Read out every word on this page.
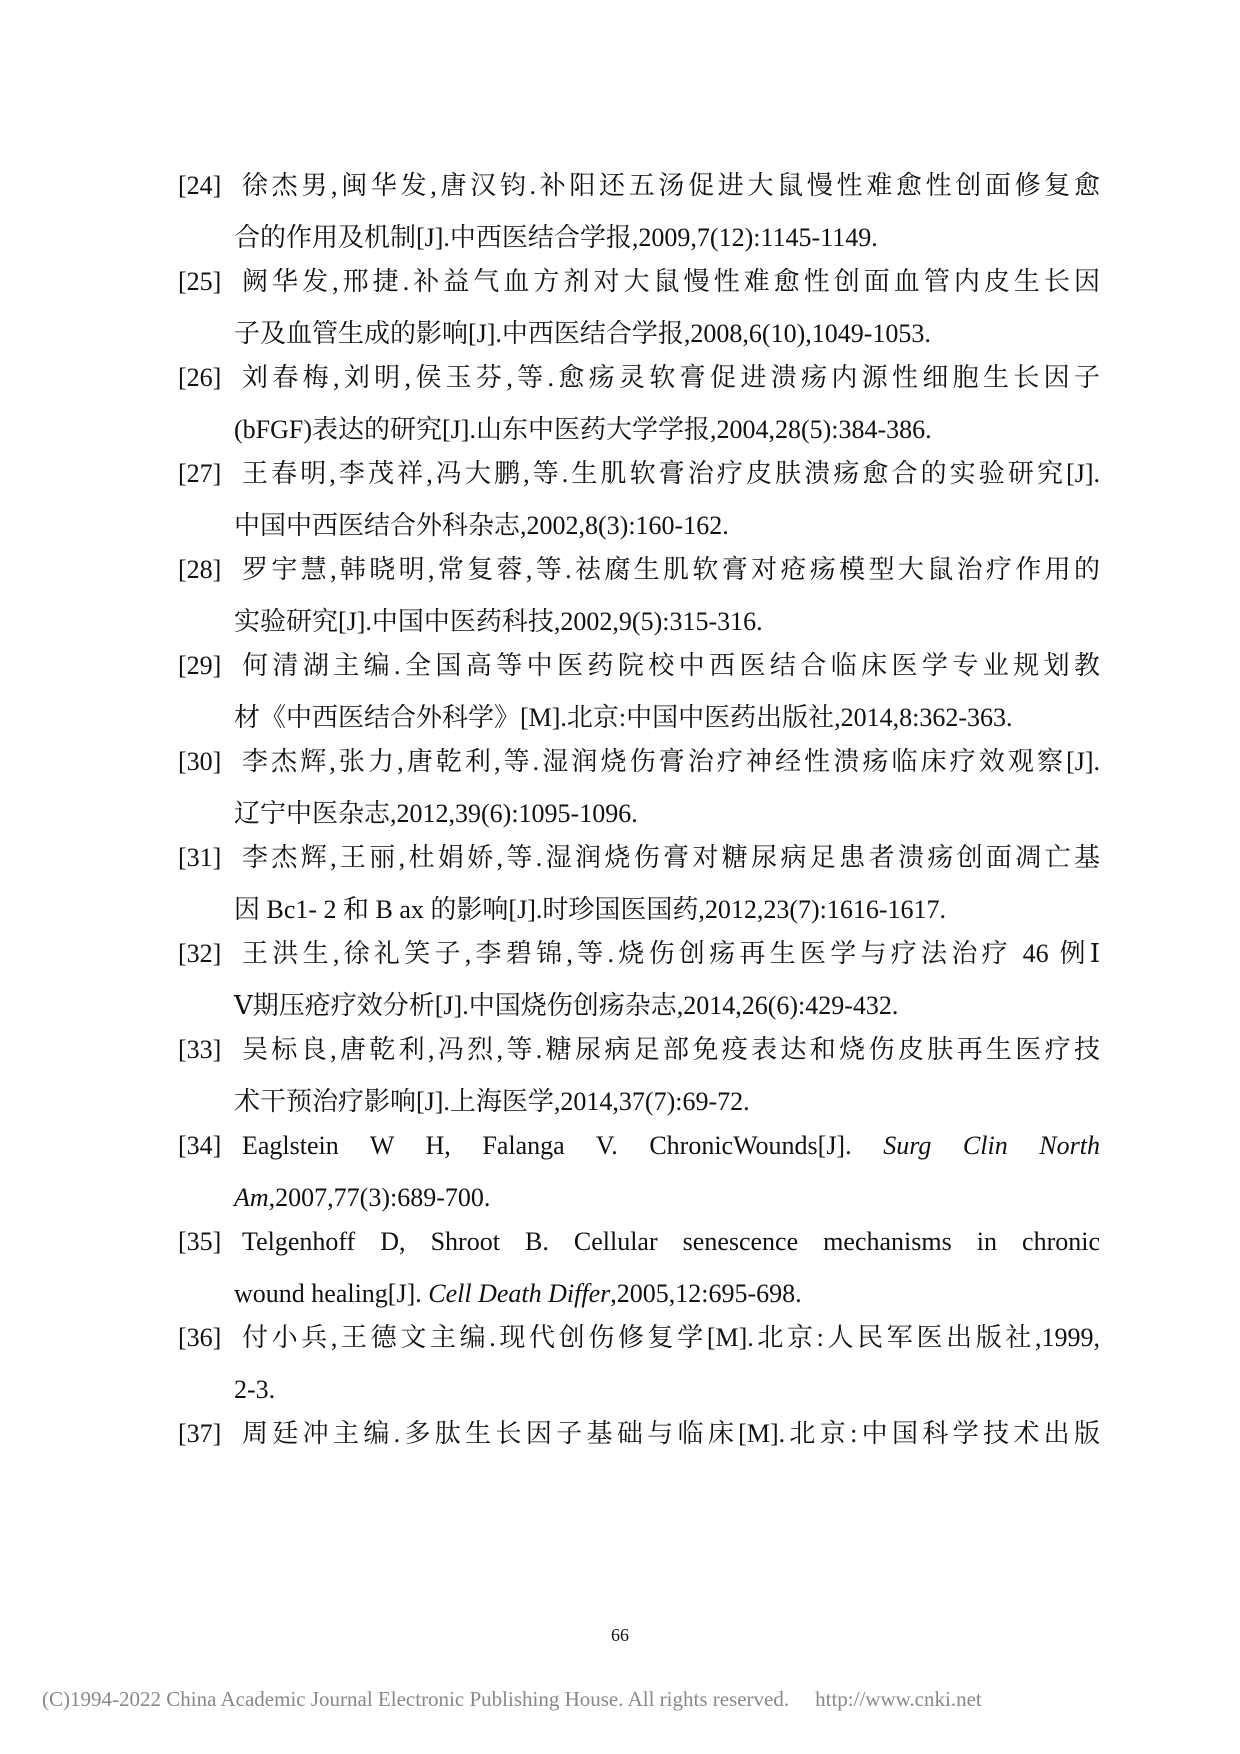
[24] 徐杰男,闽华发,唐汉钧.补阳还五汤促进大鼠慢性难愈性创面修复愈
合的作用及机制[J].中西医结合学报,2009,7(12):1145-1149.
[25] 阙华发,邢捷.补益气血方剂对大鼠慢性难愈性创面血管内皮生长因
子及血管生成的影响[J].中西医结合学报,2008,6(10),1049-1053.
[26] 刘春梅,刘明,侯玉芬,等.愈疡灵软膏促进溃疡内源性细胞生长因子
(bFGF)表达的研究[J].山东中医药大学学报,2004,28(5):384-386.
[27] 王春明,李茂祥,冯大鹏,等.生肌软膏治疗皮肤溃疡愈合的实验研究[J].
中国中西医结合外科杂志,2002,8(3):160-162.
[28] 罗宇慧,韩晓明,常复蓉,等.祛腐生肌软膏对疮疡模型大鼠治疗作用的
实验研究[J].中国中医药科技,2002,9(5):315-316.
[29] 何清湖主编.全国高等中医药院校中西医结合临床医学专业规划教
材《中西医结合外科学》[M].北京:中国中医药出版社,2014,8:362-363.
[30] 李杰辉,张力,唐乾利,等.湿润烧伤膏治疗神经性溃疡临床疗效观察[J].
辽宁中医杂志,2012,39(6):1095-1096.
[31] 李杰辉,王丽,杜娟娇,等.湿润烧伤膏对糖尿病足患者溃疡创面凋亡基
因 Bc1- 2 和 B ax 的影响[J].时珍国医国药,2012,23(7):1616-1617.
[32] 王洪生,徐礼笑子,李碧锦,等.烧伤创疡再生医学与疗法治疗 46 例Ⅰ
Ⅴ期压疮疗效分析[J].中国烧伤创疡杂志,2014,26(6):429-432.
[33] 吴标良,唐乾利,冯烈,等.糖尿病足部免疫表达和烧伤皮肤再生医疗技
术干预治疗影响[J].上海医学,2014,37(7):69-72.
[34] Eaglstein W H, Falanga V. ChronicWounds[J]. Surg Clin North
Am,2007,77(3):689-700.
[35] Telgenhoff D, Shroot B. Cellular senescence mechanisms in chronic
wound healing[J]. Cell Death Differ,2005,12:695-698.
[36] 付小兵,王德文主编.现代创伤修复学[M].北京:人民军医出版社,1999,
2-3.
[37] 周廷冲主编.多肽生长因子基础与临床[M].北京:中国科学技术出版
66
(C)1994-2022 China Academic Journal Electronic Publishing House. All rights reserved. http://www.cnki.net
